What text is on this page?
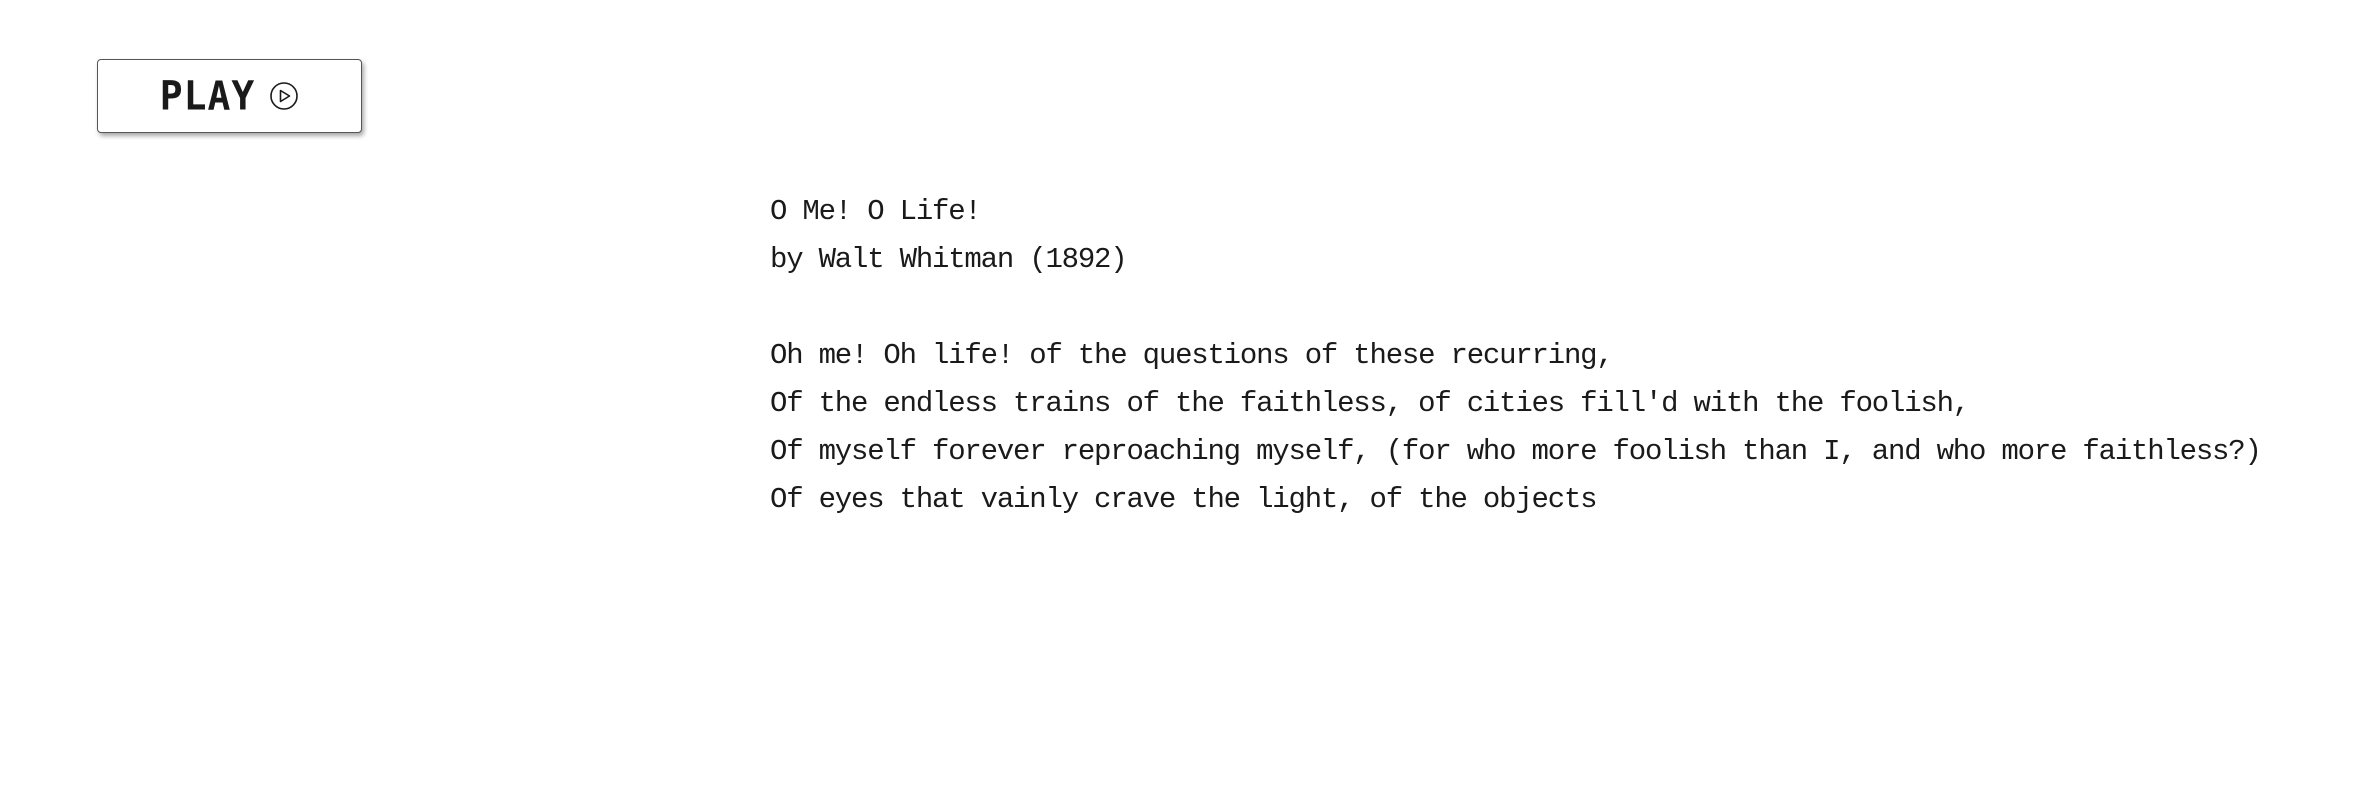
PLAY
O Me! O Life!
by Walt Whitman (1892)
Oh me! Oh life! of the questions of these recurring,
Of the endless trains of the faithless, of cities fill'd with the foolish,
Of myself forever reproaching myself, (for who more foolish than I, and who more faithless?)
Of eyes that vainly crave the light, of the objects
